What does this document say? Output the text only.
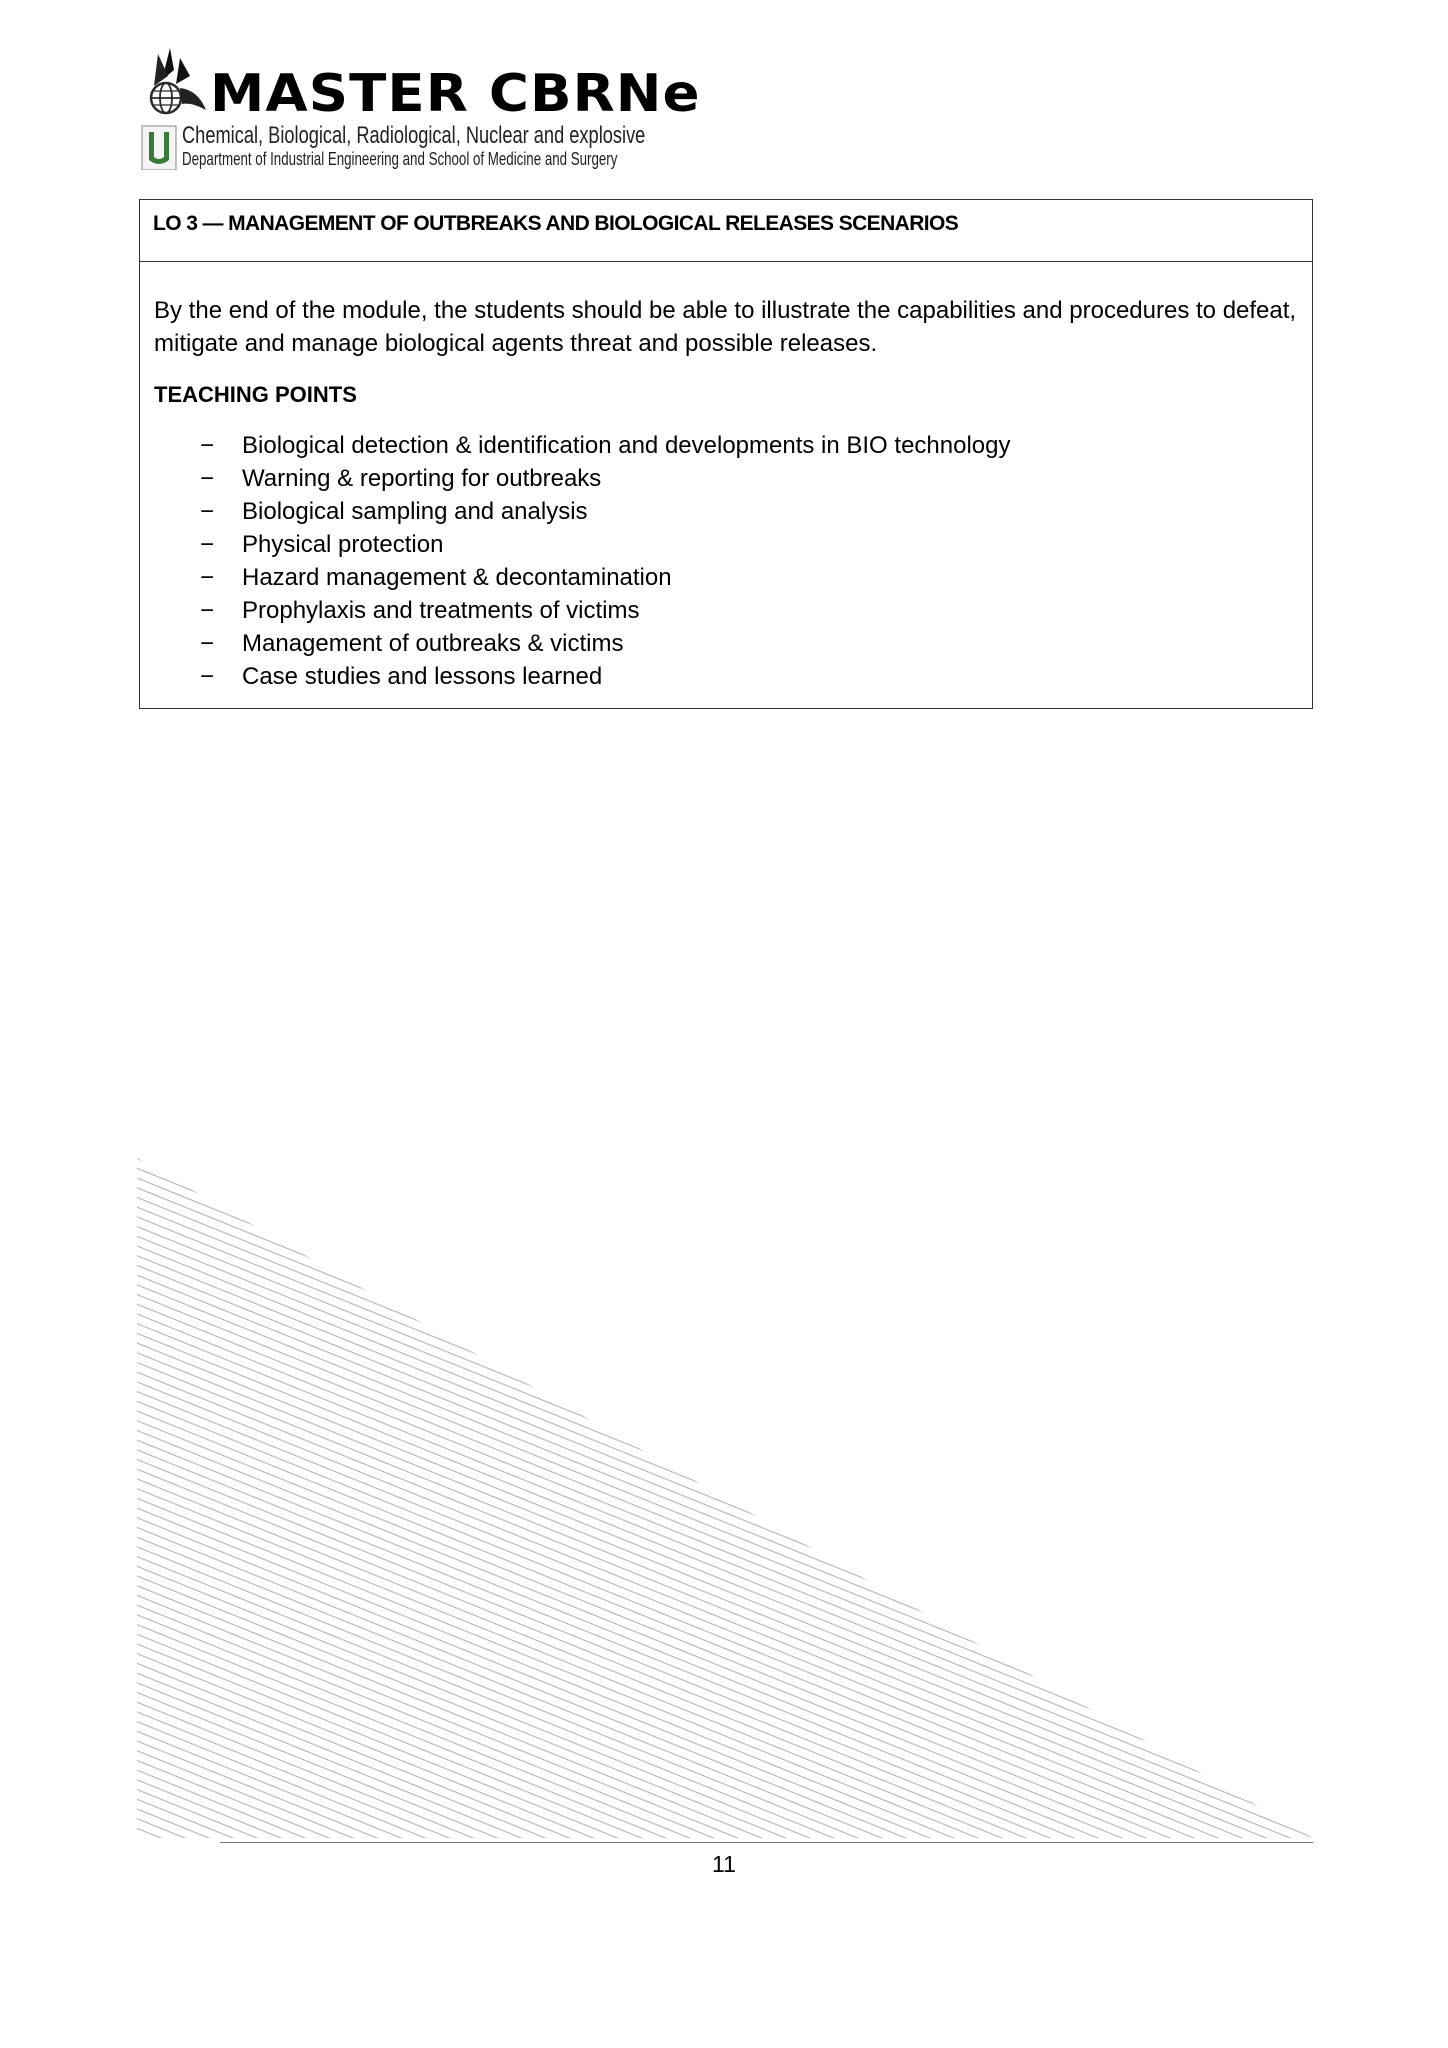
MASTER CBRNe
Chemical, Biological, Radiological, Nuclear and explosive
Department of Industrial Engineering and School of Medicine and Surgery
LO 3 — MANAGEMENT OF OUTBREAKS AND BIOLOGICAL RELEASES SCENARIOS

By the end of the module, the students should be able to illustrate the capabilities and procedures to defeat, mitigate and manage biological agents threat and possible releases.

TEACHING POINTS

− Biological detection & identification and developments in BIO technology
− Warning & reporting for outbreaks
− Biological sampling and analysis
− Physical protection
− Hazard management & decontamination
− Prophylaxis and treatments of victims
− Management of outbreaks & victims
− Case studies and lessons learned
11
